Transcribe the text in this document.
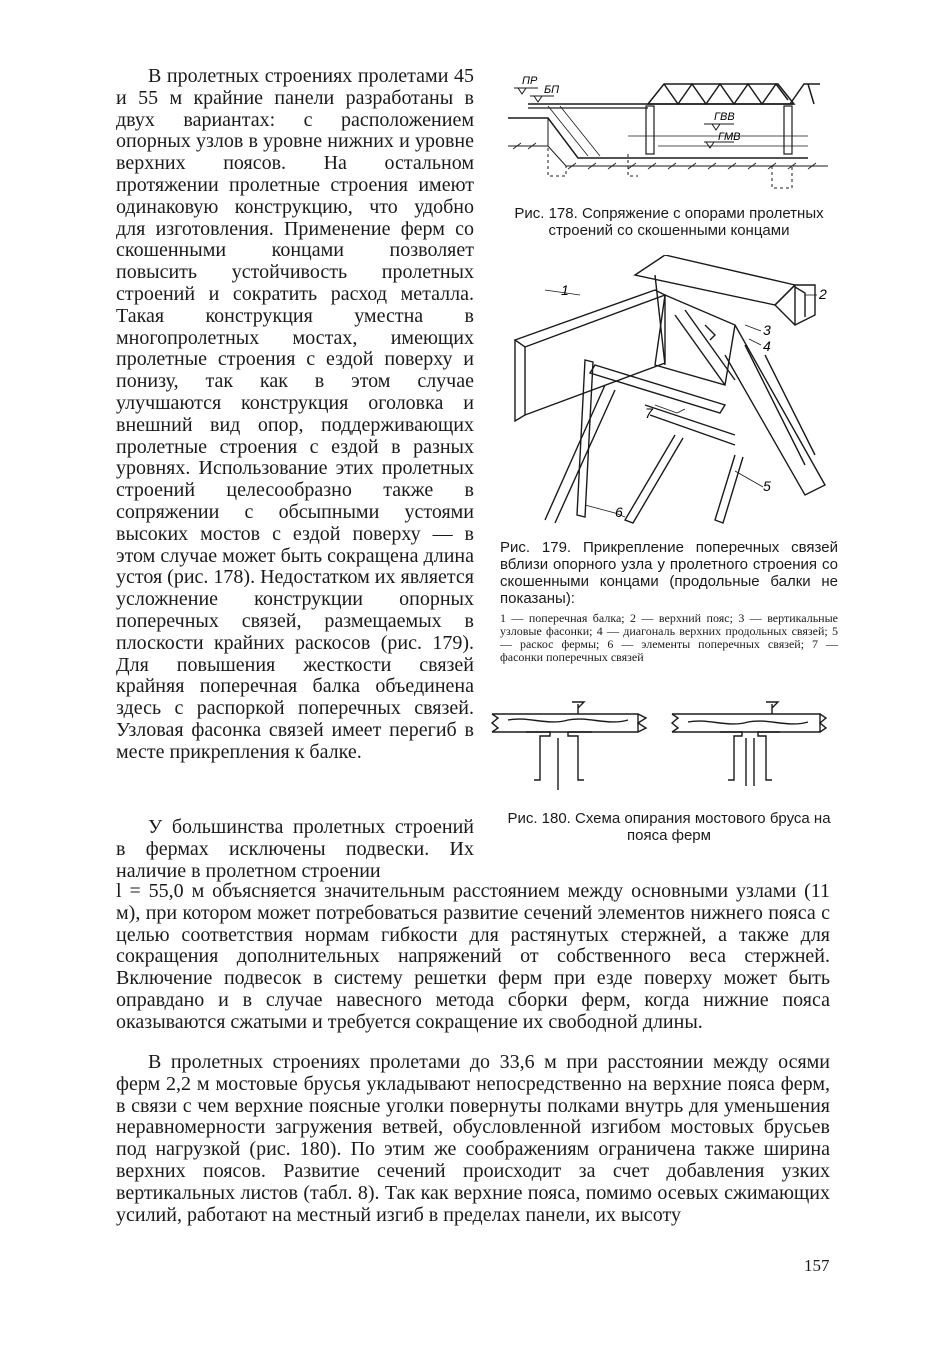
В пролетных строениях пролетами 45 и 55 м крайние панели разработаны в двух вариантах: с расположением опорных узлов в уровне нижних и уровне верхних поясов. На остальном протяжении пролетные строения имеют одинаковую конструкцию, что удобно для изготовления. Применение ферм со скошенными концами позволяет повысить устойчивость пролетных строений и сократить расход металла. Такая конструкция уместна в многопролетных мостах, имеющих пролетные строения с ездой поверху и понизу, так как в этом случае улучшаются конструкция оголовка и внешний вид опор, поддерживающих пролетные строения с ездой в разных уровнях. Использование этих пролетных строений целесообразно также в сопряжении с обсыпными устоями высоких мостов с ездой поверху — в этом случае может быть сокращена длина устоя (рис. 178). Недостатком их является усложнение конструкции опорных поперечных связей, размещаемых в плоскости крайних раскосов (рис. 179). Для повышения жесткости связей крайняя поперечная балка объединена здесь с распоркой поперечных связей. Узловая фасонка связей имеет перегиб в месте прикрепления к балке.

У большинства пролетных строений в фермах исключены подвески. Их наличие в пролетном строении

l = 55,0 м объясняется значительным расстоянием между основными узлами (11 м), при котором может потребоваться развитие сечений элементов нижнего пояса с целью соответствия нормам гибкости для растянутых стержней, а также для сокращения дополнительных напряжений от собственного веса стержней. Включение подвесок в систему решетки ферм при езде поверху может быть оправдано и в случае навесного метода сборки ферм, когда нижние пояса оказываются сжатыми и требуется сокращение их свободной длины.

В пролетных строениях пролетами до 33,6 м при расстоянии между осями ферм 2,2 м мостовые брусья укладывают непосредственно на верхние пояса ферм, в связи с чем верхние поясные уголки повернуты полками внутрь для уменьшения неравномерности загружения ветвей, обусловленной изгибом мостовых брусьев под нагрузкой (рис. 180). По этим же соображениям ограничена также ширина верхних поясов. Развитие сечений происходит за счет добавления узких вертикальных листов (табл. 8). Так как верхние пояса, помимо осевых сжимающих усилий, работают на местный изгиб в пределах панели, их высоту

ПР
БП
ГВВ
ГМВ
Рис. 178. Сопряжение с опорами пролетных строений со скошенными концами
1	2
3
4
5
6
7
Рис. 179. Прикрепление поперечных связей вблизи опорного узла у пролетного строения со скошенными концами (продольные балки не показаны):
1 — поперечная балка; 2 — верхний пояс; 3 — вертикальные узловые фасонки; 4 — диагональ верхних продольных связей; 5 — раскос фермы; 6 — элементы поперечных связей; 7 — фасонки поперечных связей
Рис. 180. Схема опирания мостового бруса на пояса ферм
157
